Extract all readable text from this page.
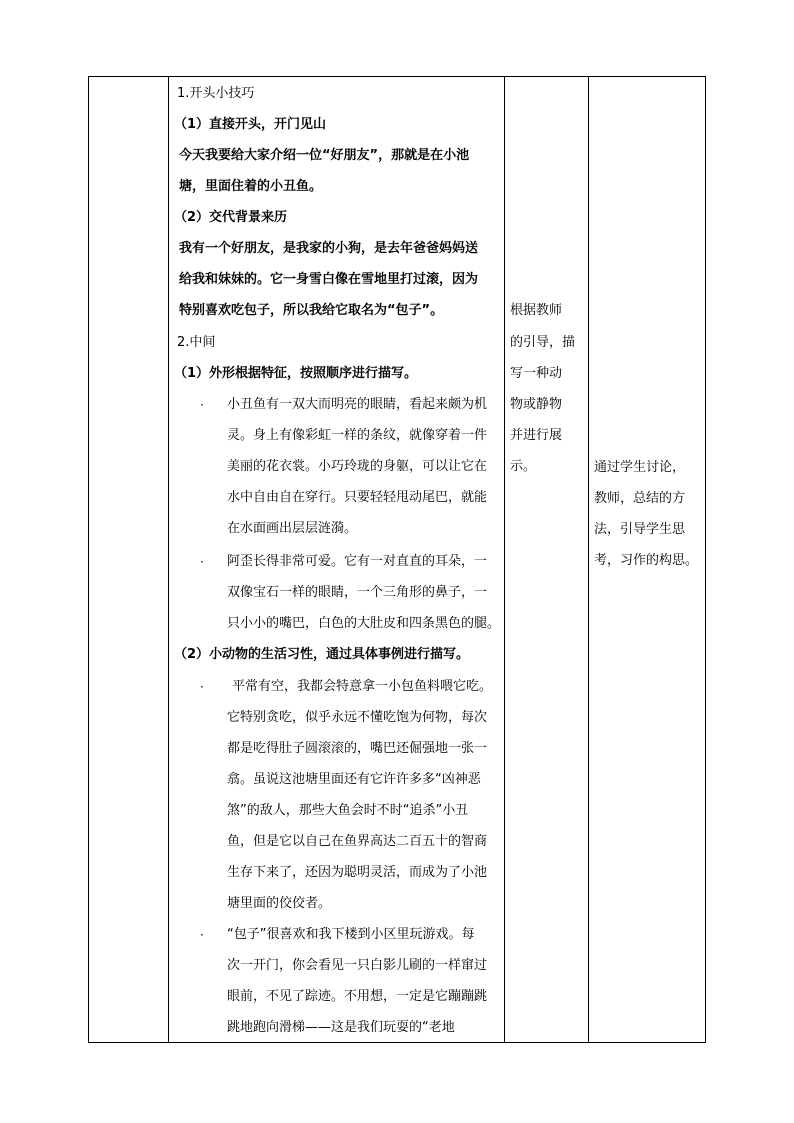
1.开头小技巧
（1）直接开头，开门见山
今天我要给大家介绍一位“好朋友”，那就是在小池
塘，里面住着的小丑鱼。
（2）交代背景来历
我有一个好朋友，是我家的小狗，是去年爸爸妈妈送
给我和妹妹的。它一身雪白像在雪地里打过滚，因为
特别喜欢吃包子，所以我给它取名为“包子”。
2.中间
（1）外形根据特征，按照顺序进行描写。
· 小丑鱼有一双大而明亮的眼睛，看起来颇为机
灵。身上有像彩虹一样的条纹，就像穿着一件
美丽的花衣裳。小巧玲珑的身躯，可以让它在
水中自由自在穿行。只要轻轻甩动尾巴，就能
在水面画出层层涟漪。
· 阿歪长得非常可爱。它有一对直直的耳朵，一
双像宝石一样的眼睛，一个三角形的鼻子，一
只小小的嘴巴，白色的大肚皮和四条黑色的腿。
（2）小动物的生活习性，通过具体事例进行描写。
· 平常有空，我都会特意拿一小包鱼料喂它吃。
它特别贪吃，似乎永远不懂吃饱为何物，每次
都是吃得肚子圆滚滚的，嘴巴还倔强地一张一
翕。虽说这池塘里面还有它许许多多“凶神恶
煞”的敌人，那些大鱼会时不时“追杀”小丑
鱼，但是它以自己在鱼界高达二百五十的智商
生存下来了，还因为聪明灵活，而成为了小池
塘里面的佼佼者。
· “包子”很喜欢和我下楼到小区里玩游戏。每
次一开门，你会看见一只白影儿刷的一样窜过
眼前，不见了踪迹。不用想，一定是它蹦蹦跳
跳地跑向滑梯——这是我们玩耍的“老地
根据教师
的引导，描
写一种动
物或静物
并进行展
示。	通过学生讨论，
教师，总结的方
法，引导学生思
考，习作的构思。
